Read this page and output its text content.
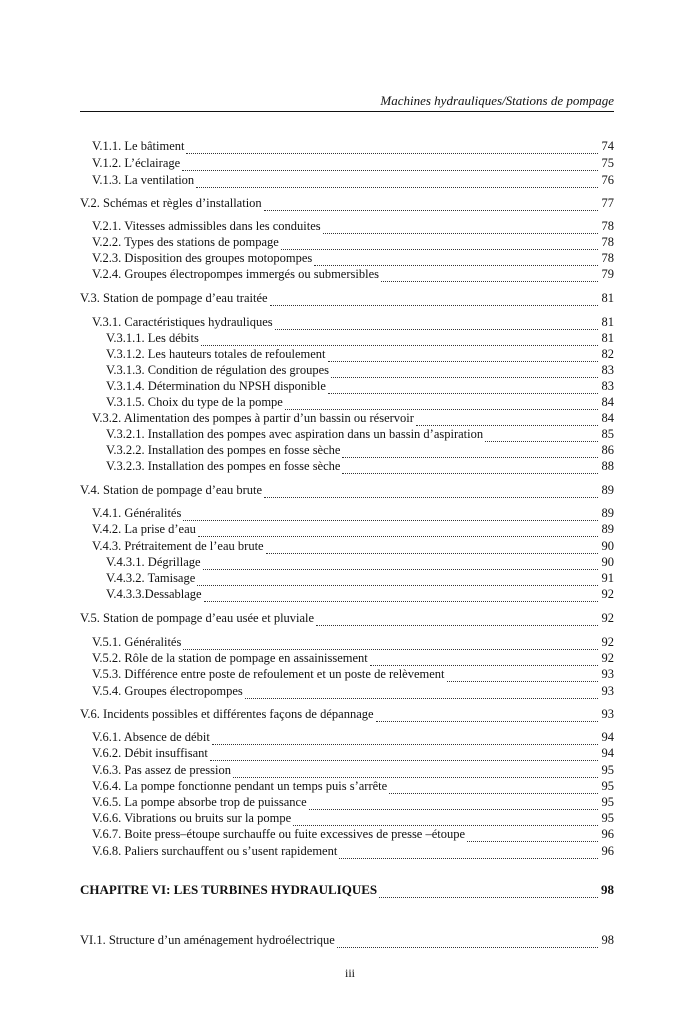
Machines hydrauliques/Stations de pompage
V.1.1. Le bâtiment	74
V.1.2. L’éclairage	75
V.1.3. La ventilation	76
V.2. Schémas et règles d’installation	77
V.2.1. Vitesses admissibles dans les conduites	78
V.2.2. Types des stations de pompage	78
V.2.3. Disposition des groupes motopompes	78
V.2.4. Groupes électropompes immergés ou submersibles	79
V.3. Station de pompage d’eau traitée	81
V.3.1. Caractéristiques hydrauliques	81
V.3.1.1. Les débits	81
V.3.1.2. Les hauteurs totales de refoulement	82
V.3.1.3. Condition de régulation des groupes	83
V.3.1.4. Détermination du NPSH disponible	83
V.3.1.5. Choix du type de la pompe	84
V.3.2. Alimentation des pompes à partir d’un bassin ou réservoir	84
V.3.2.1. Installation des pompes avec aspiration dans un bassin d’aspiration	85
V.3.2.2. Installation des pompes en fosse sèche	86
V.3.2.3. Installation des pompes en fosse sèche	88
V.4. Station de pompage d’eau brute	89
V.4.1. Généralités	89
V.4.2. La prise d’eau	89
V.4.3. Prétraitement de l’eau brute	90
V.4.3.1. Dégrillage	90
V.4.3.2. Tamisage	91
V.4.3.3.Dessablage	92
V.5. Station de pompage d’eau usée et pluviale	92
V.5.1. Généralités	92
V.5.2. Rôle de la station de pompage en assainissement	92
V.5.3. Différence entre poste de refoulement et un poste de relèvement	93
V.5.4. Groupes électropompes	93
V.6. Incidents possibles et différentes façons de dépannage	93
V.6.1. Absence de débit	94
V.6.2. Débit insuffisant	94
V.6.3. Pas assez de pression	95
V.6.4. La pompe fonctionne pendant un temps puis s’arrête	95
V.6.5. La pompe absorbe trop de puissance	95
V.6.6. Vibrations ou bruits sur la pompe	95
V.6.7. Boite press–étoupe surchauffe ou fuite excessives de presse –étoupe	96
V.6.8. Paliers surchauffent ou s’usent rapidement	96
CHAPITRE VI: LES TURBINES HYDRAULIQUES	98
VI.1. Structure d’un aménagement hydroélectrique	98
iii
